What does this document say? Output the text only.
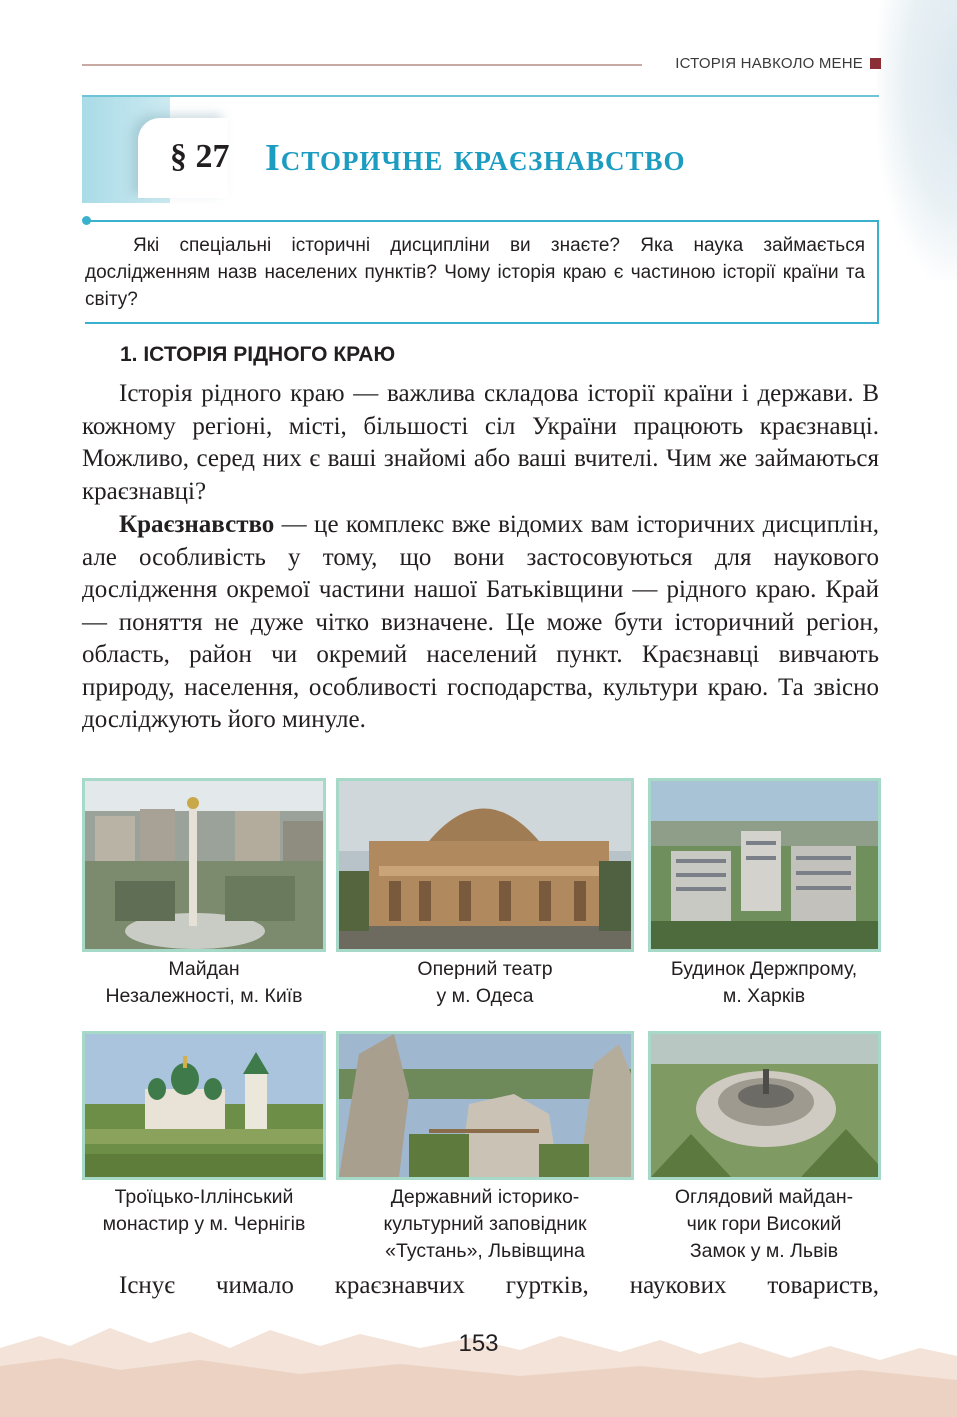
ІСТОРІЯ НАВКОЛО МЕНЕ
§ 27 Історичне краєзнавство

Які спеціальні історичні дисципліни ви знаєте? Яка наука займається дослідженням назв населених пунктів? Чому історія краю є частиною історії країни та світу?

1. ІСТОРІЯ РІДНОГО КРАЮ

Історія рідного краю — важлива складова історії країни і держави. В кожному регіоні, місті, більшості сіл України працюють краєзнавці. Можливо, серед них є ваші знайомі або ваші вчителі. Чим же займаються краєзнавці?

Краєзнавство — це комплекс вже відомих вам історичних дисциплін, але особливість у тому, що вони застосовуються для наукового дослідження окремої частини нашої Батьківщини — рідного краю. Край — поняття не дуже чітко визначене. Це може бути історичний регіон, область, район чи окремий населений пункт. Краєзнавці вивчають природу, населення, особливості господарства, культури краю. Та звісно досліджують його минуле.

Майдан
Незалежності, м. Київ
Оперний театр
у м. Одеса
Будинок Держпрому,
м. Харків
Троїцько-Іллінський
монастир у м. Чернігів
Державний історико-
культурний заповідник
«Тустань», Львівщина
Оглядовий майдан-
чик гори Високий
Замок у м. Львів

Існує чимало краєзнавчих гуртків, наукових товариств,

153
